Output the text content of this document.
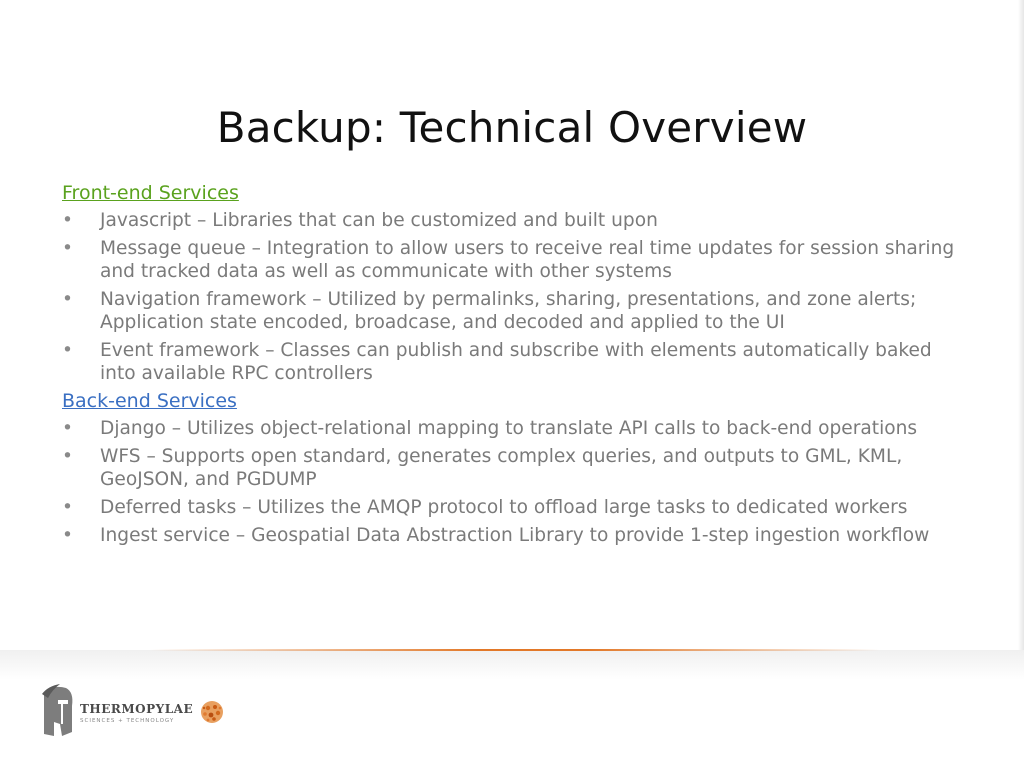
Backup: Technical Overview
Front-end Services
•	Javascript – Libraries that can be customized and built upon
•	Message queue – Integration to allow users to receive real time updates for session sharing and tracked data as well as communicate with other systems
•	Navigation framework – Utilized by permalinks, sharing, presentations, and zone alerts; Application state encoded, broadcase, and decoded and applied to the UI
•	Event framework – Classes can publish and subscribe with elements automatically baked into available RPC controllers
Back-end Services
•	Django – Utilizes object-relational mapping to translate API calls to back-end operations
•	WFS – Supports open standard, generates complex queries, and outputs to GML, KML, GeoJSON, and PGDUMP
•	Deferred tasks – Utilizes the AMQP protocol to offload large tasks to dedicated workers
•	Ingest service – Geospatial Data Abstraction Library to provide 1-step ingestion workflow
THERMOPYLAE
SCIENCES + TECHNOLOGY
